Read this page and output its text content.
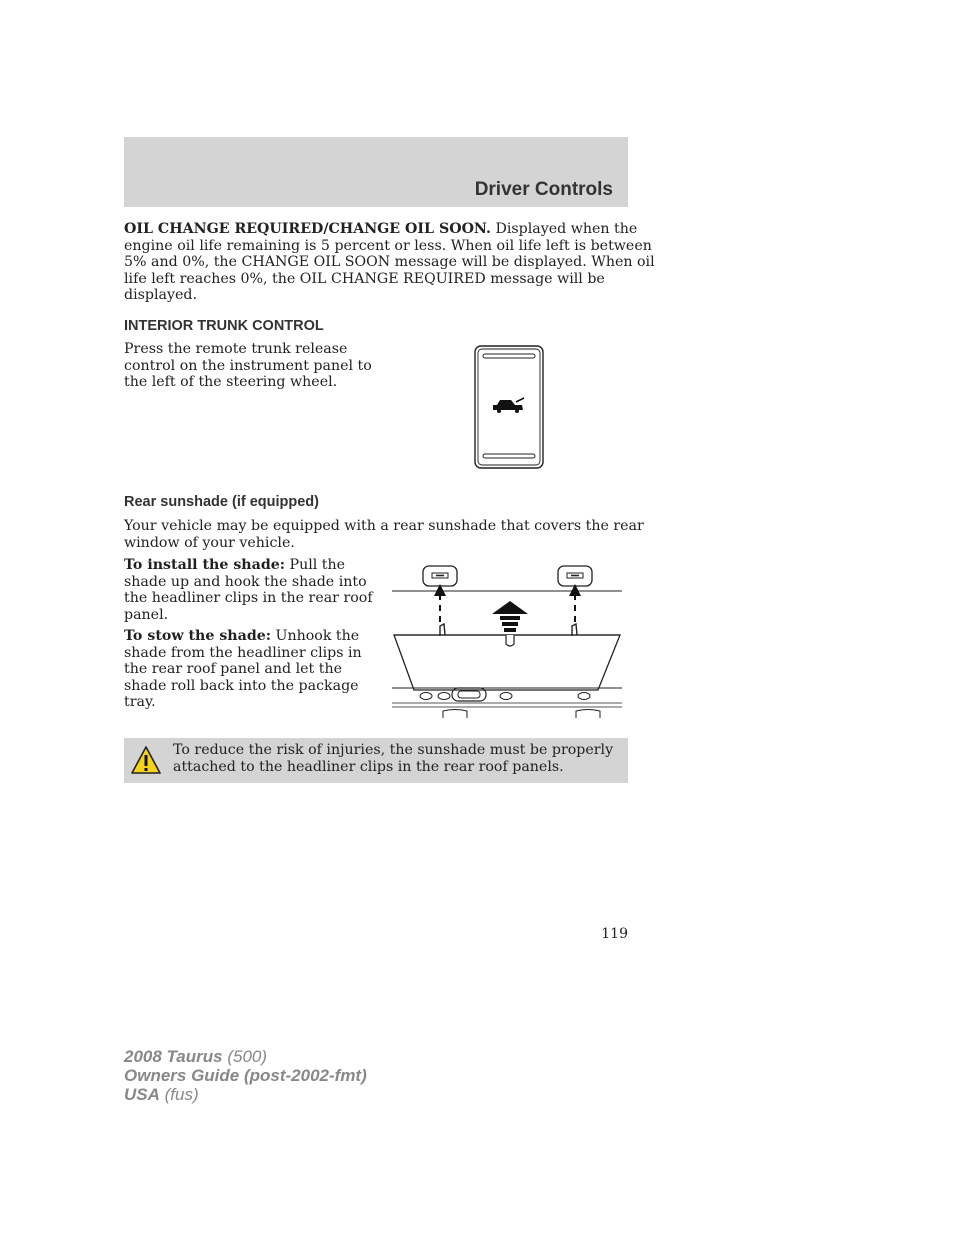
Driver Controls

OIL CHANGE REQUIRED/CHANGE OIL SOON. Displayed when the
engine oil life remaining is 5 percent or less. When oil life left is between
5% and 0%, the CHANGE OIL SOON message will be displayed. When oil
life left reaches 0%, the OIL CHANGE REQUIRED message will be
displayed.

INTERIOR TRUNK CONTROL

Press the remote trunk release
control on the instrument panel to
the left of the steering wheel.

Rear sunshade (if equipped)

Your vehicle may be equipped with a rear sunshade that covers the rear
window of your vehicle.

To install the shade: Pull the
shade up and hook the shade into
the headliner clips in the rear roof
panel.

To stow the shade: Unhook the
shade from the headliner clips in
the rear roof panel and let the
shade roll back into the package
tray.

To reduce the risk of injuries, the sunshade must be properly
attached to the headliner clips in the rear roof panels.
119
2008 Taurus (500)
Owners Guide (post-2002-fmt)
USA (fus)
